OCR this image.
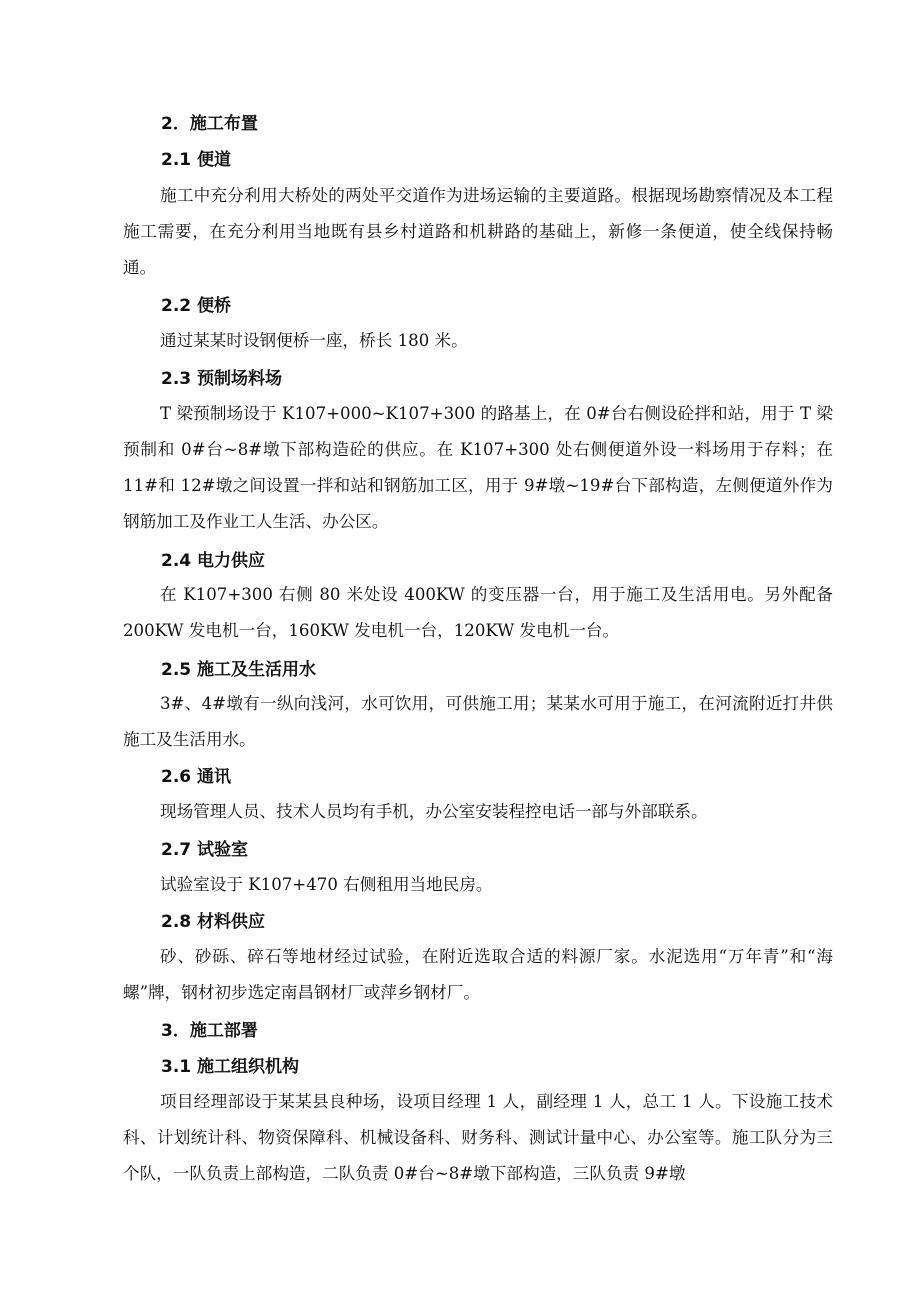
2．施工布置
2.1 便道

施工中充分利用大桥处的两处平交道作为进场运输的主要道路。根据现场勘察情况及本工程施工需要，在充分利用当地既有县乡村道路和机耕路的基础上，新修一条便道，使全线保持畅通。

2.2 便桥

通过某某时设钢便桥一座，桥长 180 米。

2.3 预制场料场

T 梁预制场设于 K107+000~K107+300 的路基上，在 0#台右侧设砼拌和站，用于 T 梁预制和 0#台~8#墩下部构造砼的供应。在 K107+300 处右侧便道外设一料场用于存料；在 11#和 12#墩之间设置一拌和站和钢筋加工区，用于 9#墩~19#台下部构造，左侧便道外作为钢筋加工及作业工人生活、办公区。

2.4 电力供应

在 K107+300 右侧 80 米处设 400KW 的变压器一台，用于施工及生活用电。另外配备 200KW 发电机一台，160KW 发电机一台，120KW 发电机一台。

2.5 施工及生活用水

3#、4#墩有一纵向浅河，水可饮用，可供施工用；某某水可用于施工，在河流附近打井供施工及生活用水。

2.6 通讯

现场管理人员、技术人员均有手机，办公室安装程控电话一部与外部联系。

2.7 试验室

试验室设于 K107+470 右侧租用当地民房。

2.8 材料供应

砂、砂砾、碎石等地材经过试验，在附近选取合适的料源厂家。水泥选用“万年青”和“海螺”牌，钢材初步选定南昌钢材厂或萍乡钢材厂。

3．施工部署
3.1 施工组织机构

项目经理部设于某某县良种场，设项目经理 1 人，副经理 1 人，总工 1 人。下设施工技术科、计划统计科、物资保障科、机械设备科、财务科、测试计量中心、办公室等。施工队分为三个队，一队负责上部构造，二队负责 0#台~8#墩下部构造，三队负责 9#墩
